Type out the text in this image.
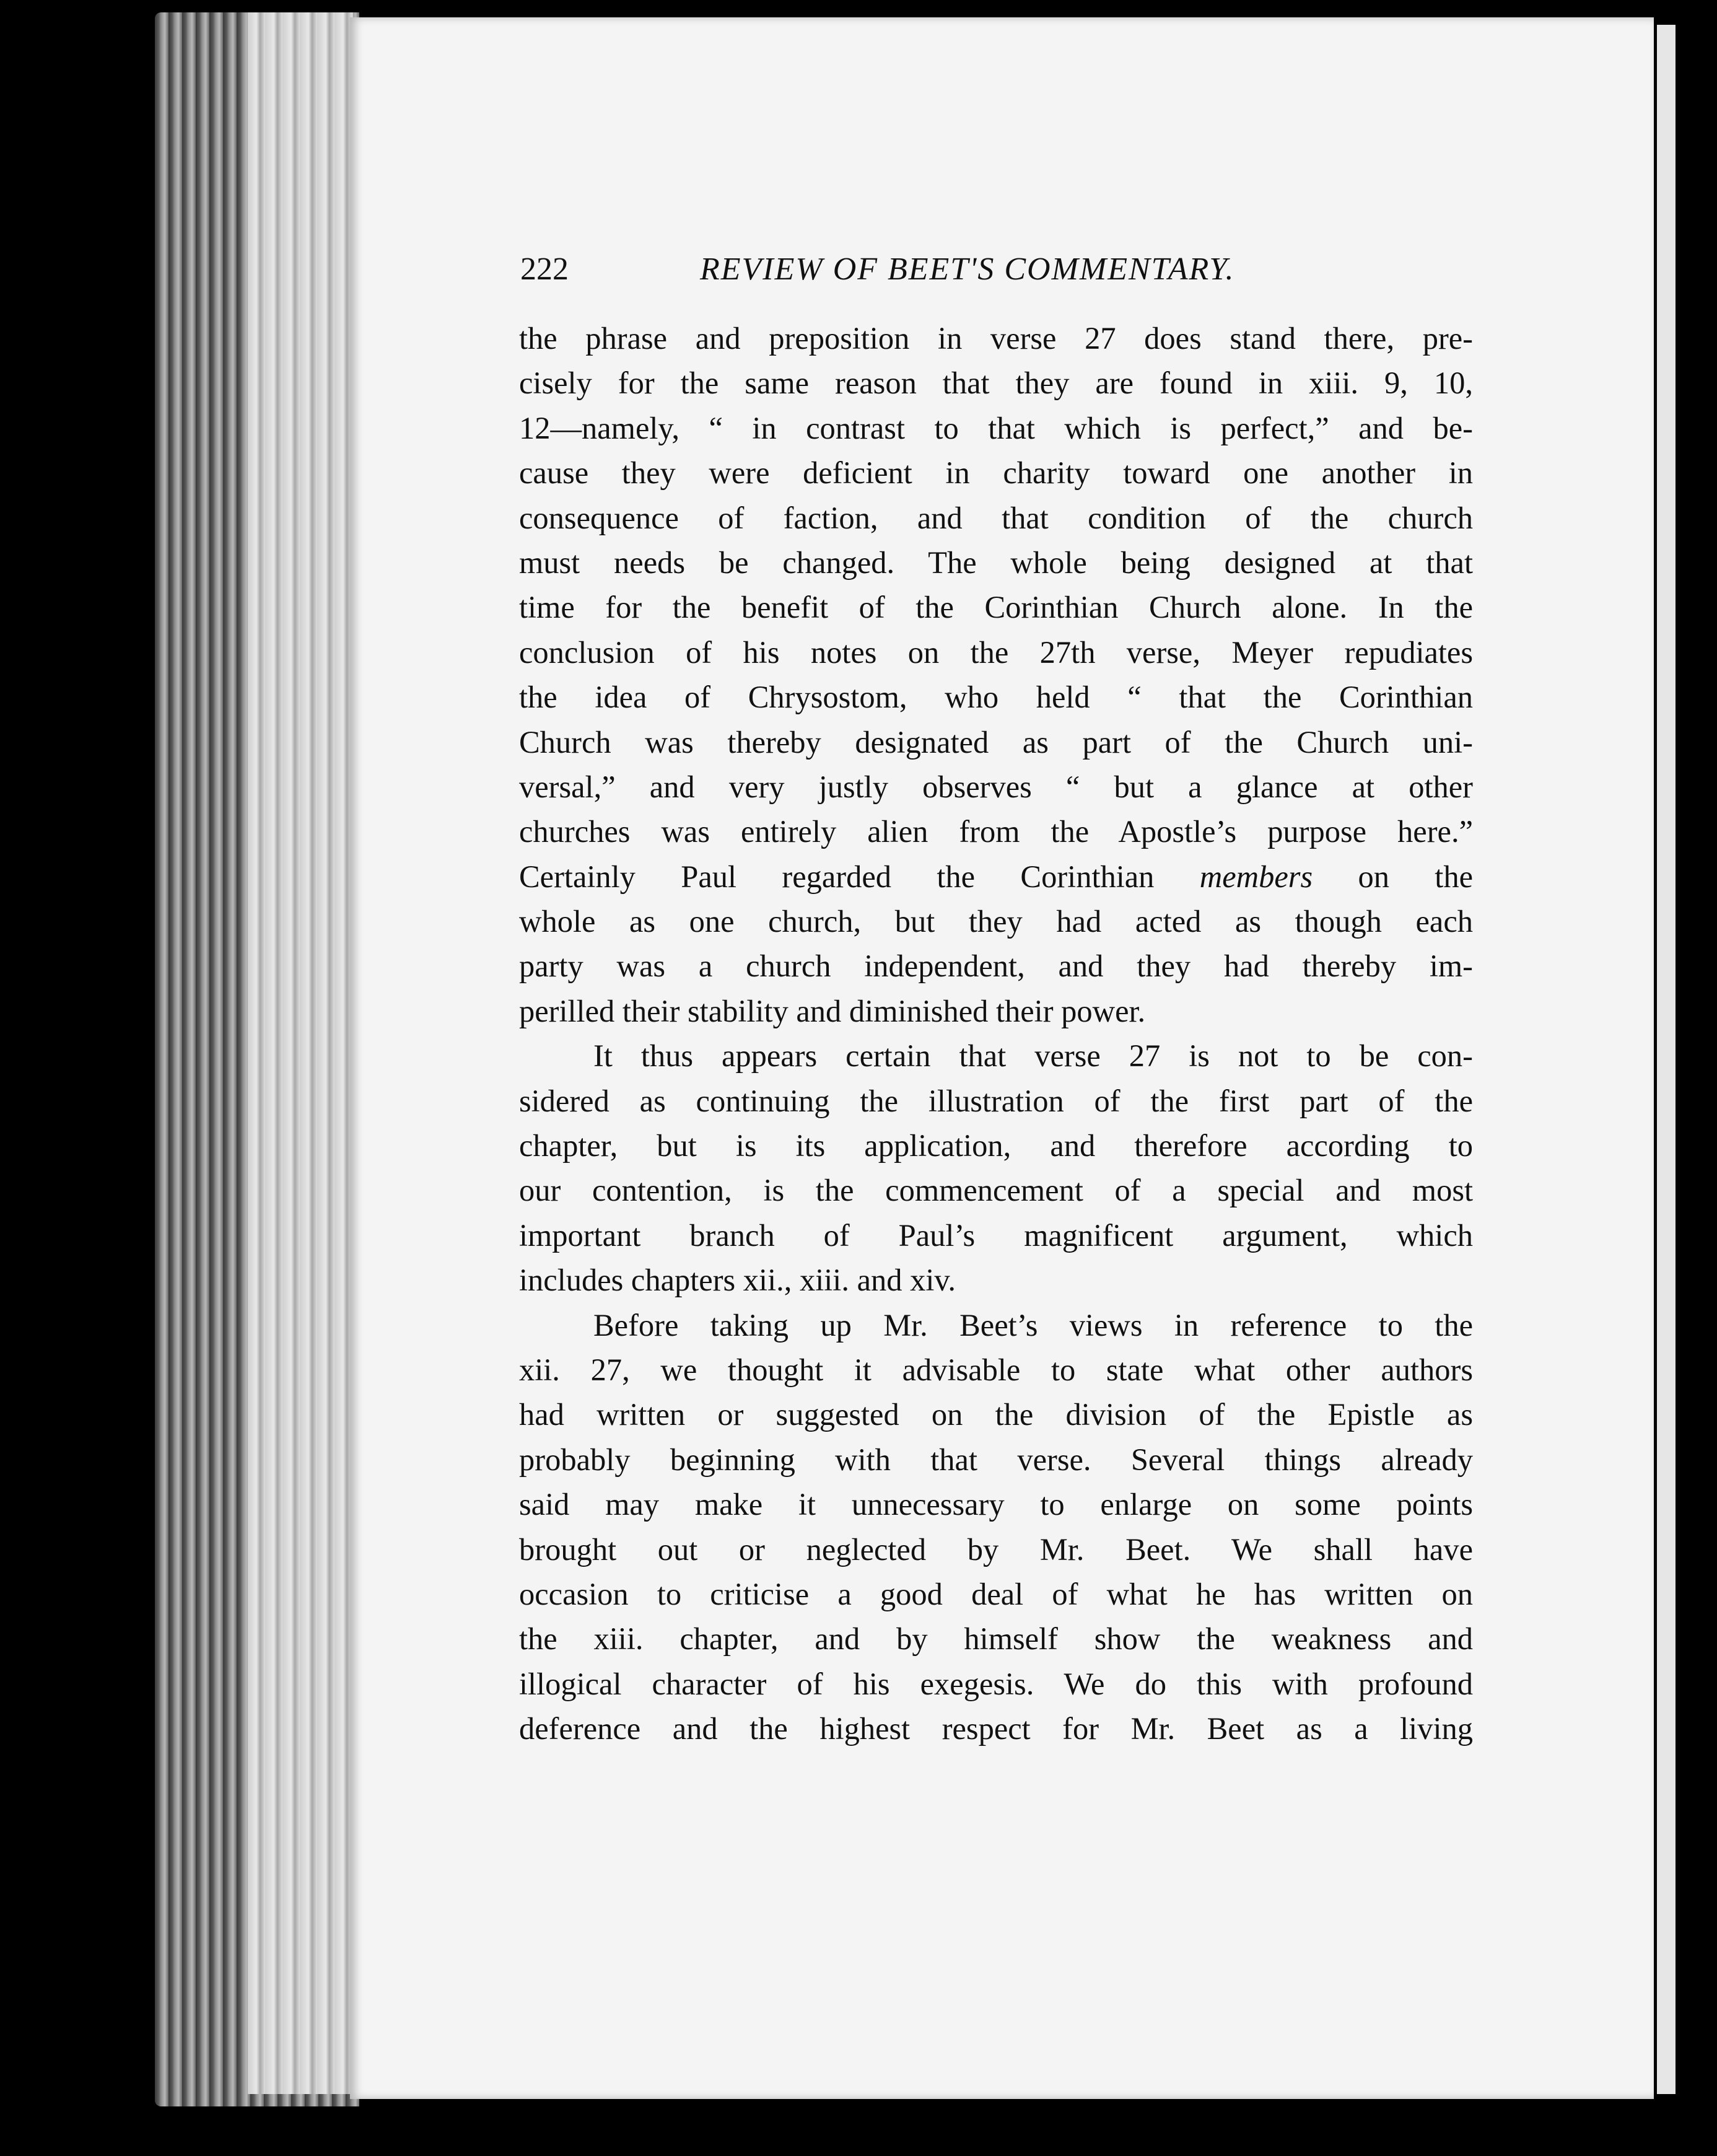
222	REVIEW OF BEET'S COMMENTARY.
the phrase and preposition in verse 27 does stand there, pre-
cisely for the same reason that they are found in xiii. 9, 10,
12—namely, “ in contrast to that which is perfect,” and be-
cause they were deficient in charity toward one another in
consequence of faction, and that condition of the church
must needs be changed. The whole being designed at that
time for the benefit of the Corinthian Church alone. In the
conclusion of his notes on the 27th verse, Meyer repudiates
the idea of Chrysostom, who held “ that the Corinthian
Church was thereby designated as part of the Church uni-
versal,” and very justly observes “ but a glance at other
churches was entirely alien from the Apostle’s purpose here.”
Certainly Paul regarded the Corinthian members on the
whole as one church, but they had acted as though each
party was a church independent, and they had thereby im-
perilled their stability and diminished their power.
It thus appears certain that verse 27 is not to be con-
sidered as continuing the illustration of the first part of the
chapter, but is its application, and therefore according to
our contention, is the commencement of a special and most
important branch of Paul’s magnificent argument, which
includes chapters xii., xiii. and xiv.
Before taking up Mr. Beet’s views in reference to the
xii. 27, we thought it advisable to state what other authors
had written or suggested on the division of the Epistle as
probably beginning with that verse. Several things already
said may make it unnecessary to enlarge on some points
brought out or neglected by Mr. Beet. We shall have
occasion to criticise a good deal of what he has written on
the xiii. chapter, and by himself show the weakness and
illogical character of his exegesis. We do this with profound
deference and the highest respect for Mr. Beet as a living
